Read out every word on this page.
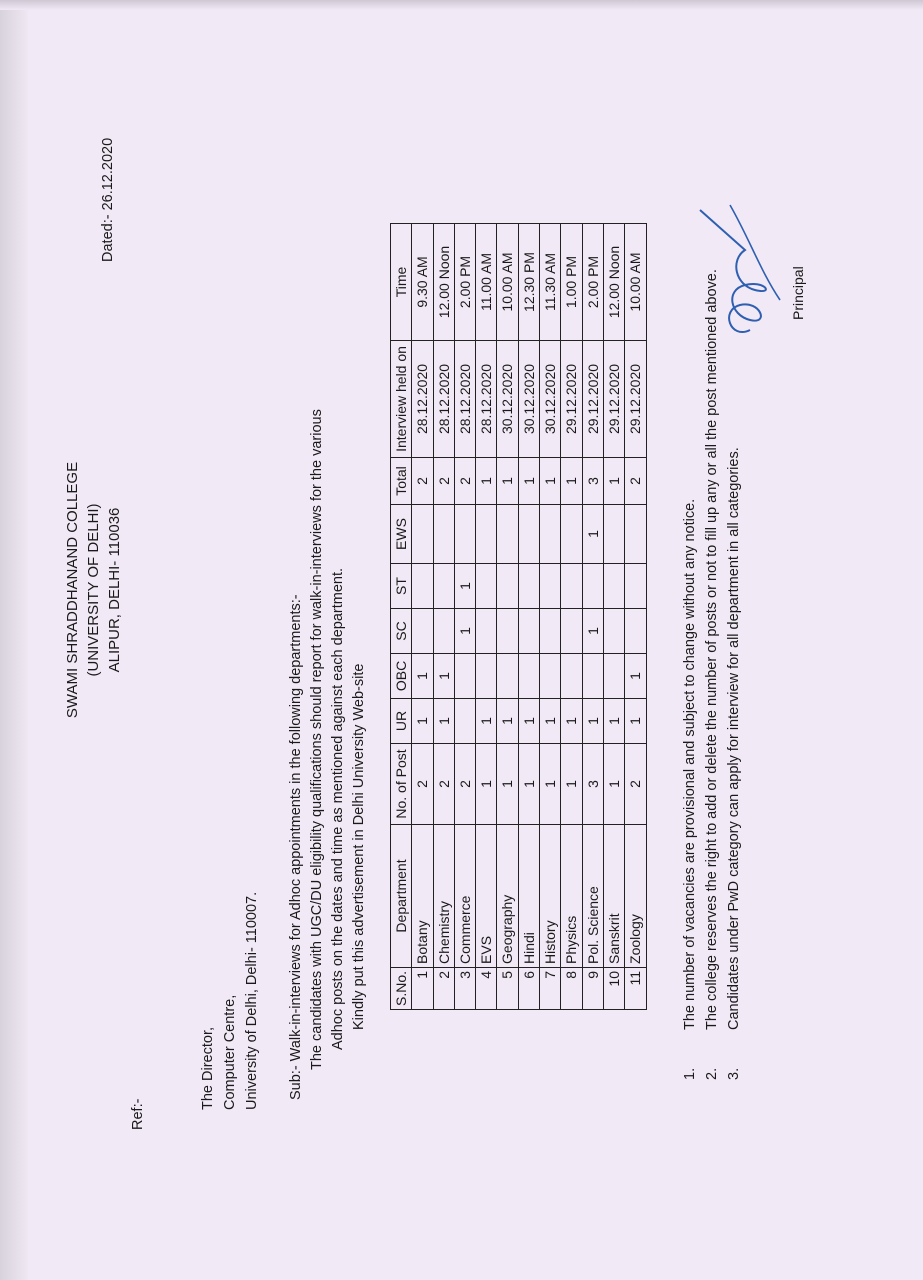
SWAMI SHRADDHANAND COLLEGE (UNIVERSITY OF DELHI) ALIPUR, DELHI- 110036
Ref:-
Dated:- 26.12.2020
The Director, Computer Centre, University of Delhi, Delhi- 110007. Sub:- Walk-in-interviews for Adhoc appointments in the following departments:- The candidates with UGC/DU eligibility qualifications should report for walk-in-interviews for the various Adhoc posts on the dates and time as mentioned against each department. Kindly put this advertisement in Delhi University Web-site S.No.	Department	No. of Post	UR	OBC	SC	ST	EWS	Total	Interview held on	Time
1	Botany	2	1	1				2	28.12.2020	9.30 AM
2	Chemistry	2	1	1				2	28.12.2020	12.00 Noon
3	Commerce	2			1	1		2	28.12.2020	2.00 PM
4	EVS	1	1					1	28.12.2020	11.00 AM
5	Geography	1	1					1	30.12.2020	10.00 AM
6	Hindi	1	1					1	30.12.2020	12.30 PM
7	History	1	1					1	30.12.2020	11.30 AM
8	Physics	1	1					1	29.12.2020	1.00 PM
9	Pol. Science	3	1		1		1	3	29.12.2020	2.00 PM
10	Sanskrit	1	1					1	29.12.2020	12.00 Noon
11	Zoology	2	1	1				2	29.12.2020	10.00 AM
1.
The number of vacancies are provisional and subject to change without any notice.
2.
The college reserves the right to add or delete the number of posts or not to fill up any or all the post mentioned above.
3.
Candidates under PwD category can apply for interview for all department in all categories.
Principal
